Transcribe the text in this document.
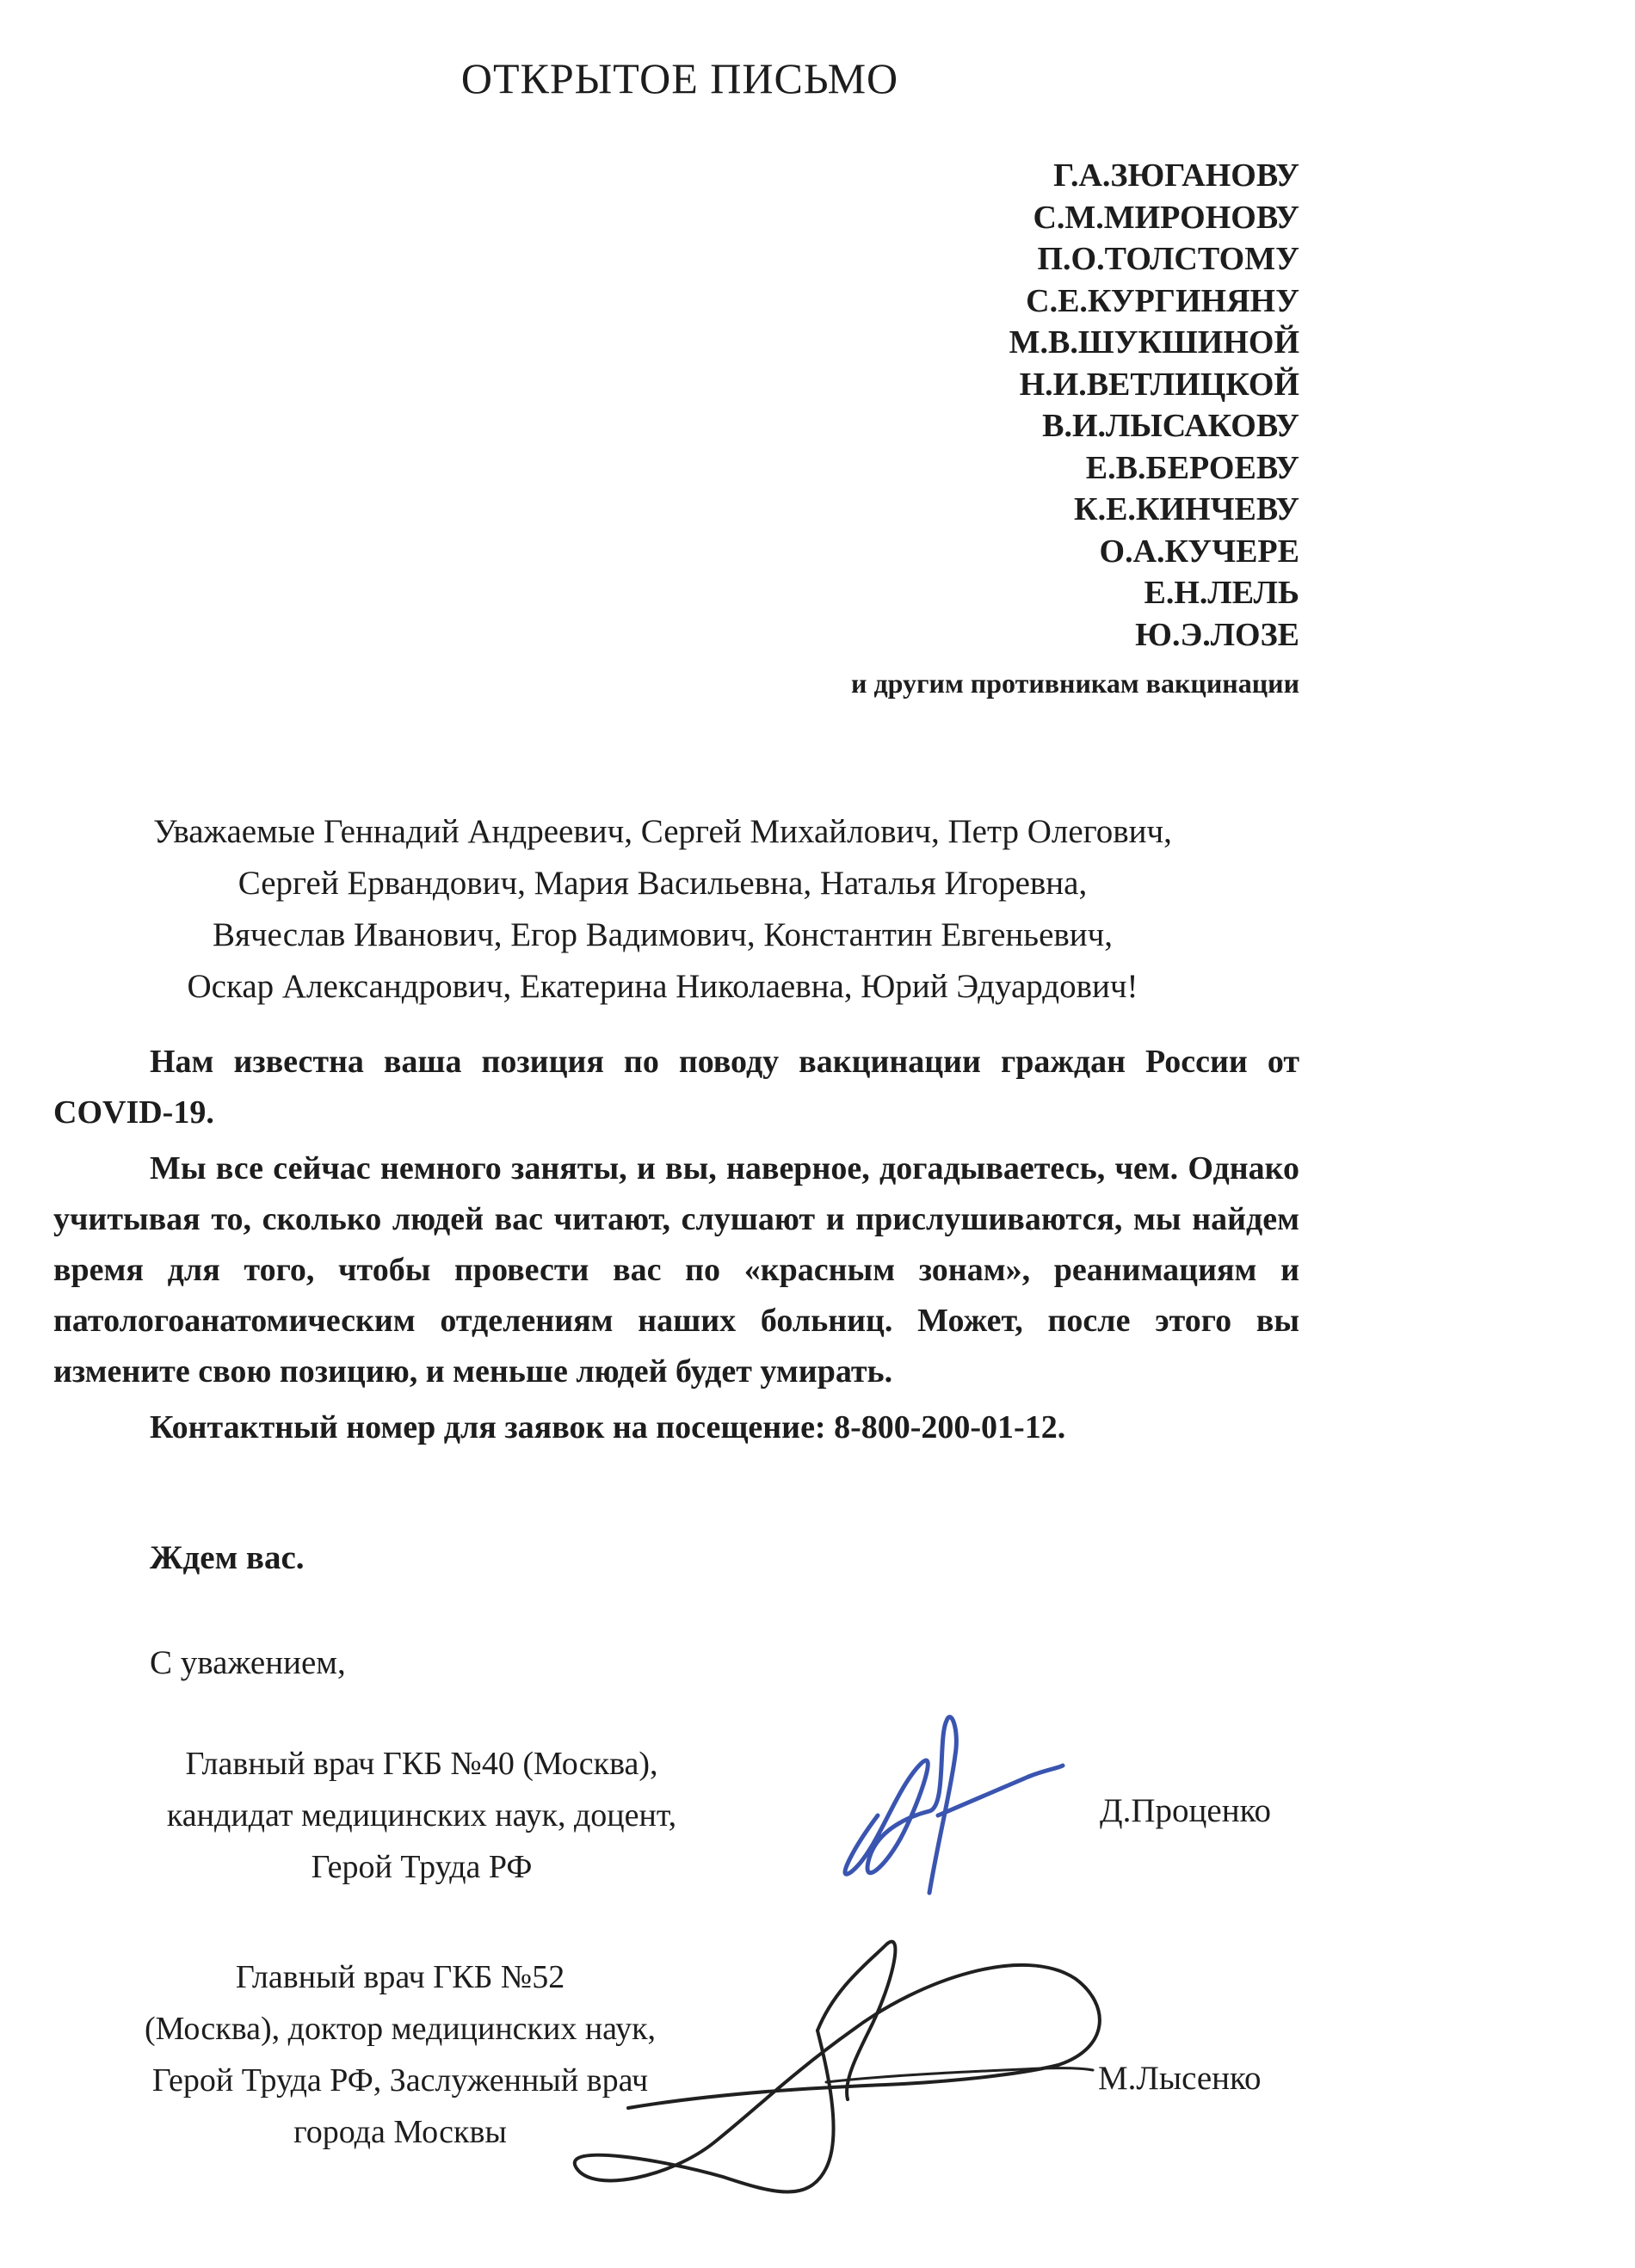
ОТКРЫТОЕ ПИСЬМО
Г.А.ЗЮГАНОВУ
С.М.МИРОНОВУ
П.О.ТОЛСТОМУ
С.Е.КУРГИНЯНУ
М.В.ШУКШИНОЙ
Н.И.ВЕТЛИЦКОЙ
В.И.ЛЫСАКОВУ
Е.В.БЕРОЕВУ
К.Е.КИНЧЕВУ
О.А.КУЧЕРЕ
Е.Н.ЛЕЛЬ
Ю.Э.ЛОЗЕ
и другим противникам вакцинации
Уважаемые Геннадий Андреевич, Сергей Михайлович, Петр Олегович,
Сергей Ервандович, Мария Васильевна, Наталья Игоревна,
Вячеслав Иванович, Егор Вадимович, Константин Евгеньевич,
Оскар Александрович, Екатерина Николаевна, Юрий Эдуардович!

Нам известна ваша позиция по поводу вакцинации граждан России от COVID-19.

Мы все сейчас немного заняты, и вы, наверное, догадываетесь, чем. Однако учитывая то, сколько людей вас читают, слушают и прислушиваются, мы найдем время для того, чтобы провести вас по «красным зонам», реанимациям и патологоанатомическим отделениям наших больниц. Может, после этого вы измените свою позицию, и меньше людей будет умирать.

Контактный номер для заявок на посещение: 8-800-200-01-12.

Ждем вас.
С уважением,
Главный врач ГКБ №40 (Москва),
кандидат медицинских наук, доцент,
Герой Труда РФ
Д.Проценко
Главный врач ГКБ №52
(Москва), доктор медицинских наук,
Герой Труда РФ, Заслуженный врач
города Москвы
М.Лысенко
